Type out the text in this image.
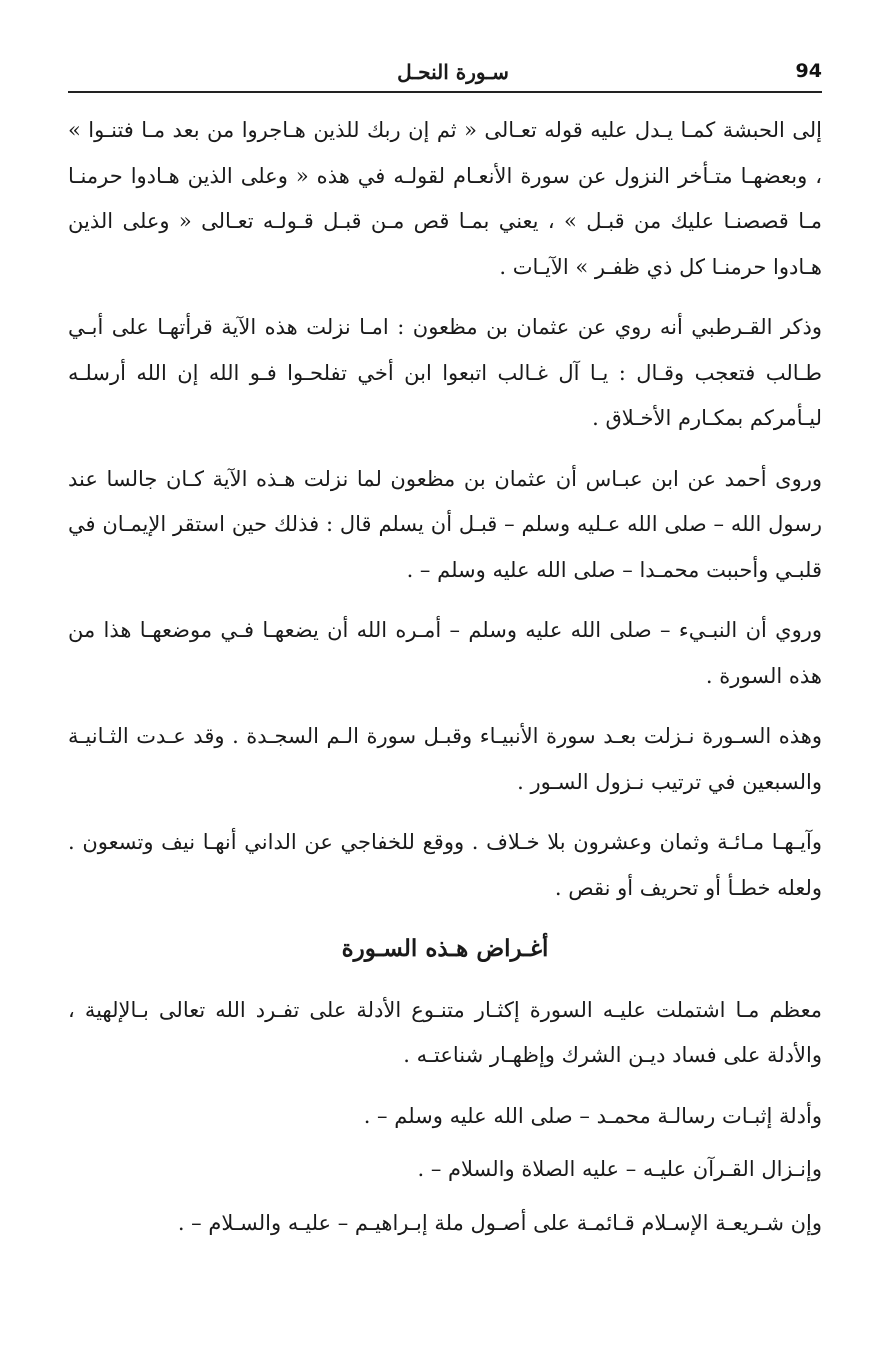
94
سـورة النحـل

إلى الحبشة كمـا يـدل عليه قوله تعـالى « ثم إن ربك للذين هـاجروا من بعد مـا فتنـوا » ، وبعضهـا متـأخر النزول عن سورة الأنعـام لقولـه في هذه « وعلى الذين هـادوا حرمنـا مـا قصصنـا عليك من قبـل » ، يعني بمـا قص مـن قبـل قـولـه تعـالى « وعلى الذين هـادوا حرمنـا كل ذي ظفـر » الآيـات .

وذكر القـرطبي أنه روي عن عثمان بن مظعون : امـا نزلت هذه الآية قرأتهـا على أبـي طـالب فتعجب وقـال : يـا آل غـالب اتبعوا ابن أخي تفلحـوا فـو الله إن الله أرسلـه ليـأمركم بمكـارم الأخـلاق .

وروى أحمد عن ابن عبـاس أن عثمان بن مظعون لما نزلت هـذه الآية كـان جالسا عند رسول الله – صلى الله عـليه وسلم – قبـل أن يسلم قال : فذلك حين استقر الإيمـان في قلبـي وأحببت محمـدا – صلى الله عليه وسلم – .

وروي أن النبـيء – صلى الله عليه وسلم – أمـره الله أن يضعهـا فـي موضعهـا هذا من هذه السورة .

وهذه السـورة نـزلت بعـد سورة الأنبيـاء وقبـل سورة الـم السجـدة . وقد عـدت الثـانيـة والسبعين في ترتيب نـزول السـور .

وآيـهـا مـائـة وثمان وعشرون بلا خـلاف . ووقع للخفاجي عن الداني أنهـا نيف وتسعون . ولعله خطـأ أو تحريف أو نقص .

أغـراض هـذه السـورة

معظم مـا اشتملت عليـه السورة إكثـار متنـوع الأدلة على تفـرد الله تعالى بـالإلهية ، والأدلة على فساد ديـن الشرك وإظهـار شناعتـه .

وأدلة إثبـات رسالـة محمـد – صلى الله عليه وسلم – .

وإنـزال القـرآن عليـه – عليه الصلاة والسلام – .

وإن شـريعـة الإسـلام قـائمـة على أصـول ملة إبـراهيـم – عليـه والسـلام – .
